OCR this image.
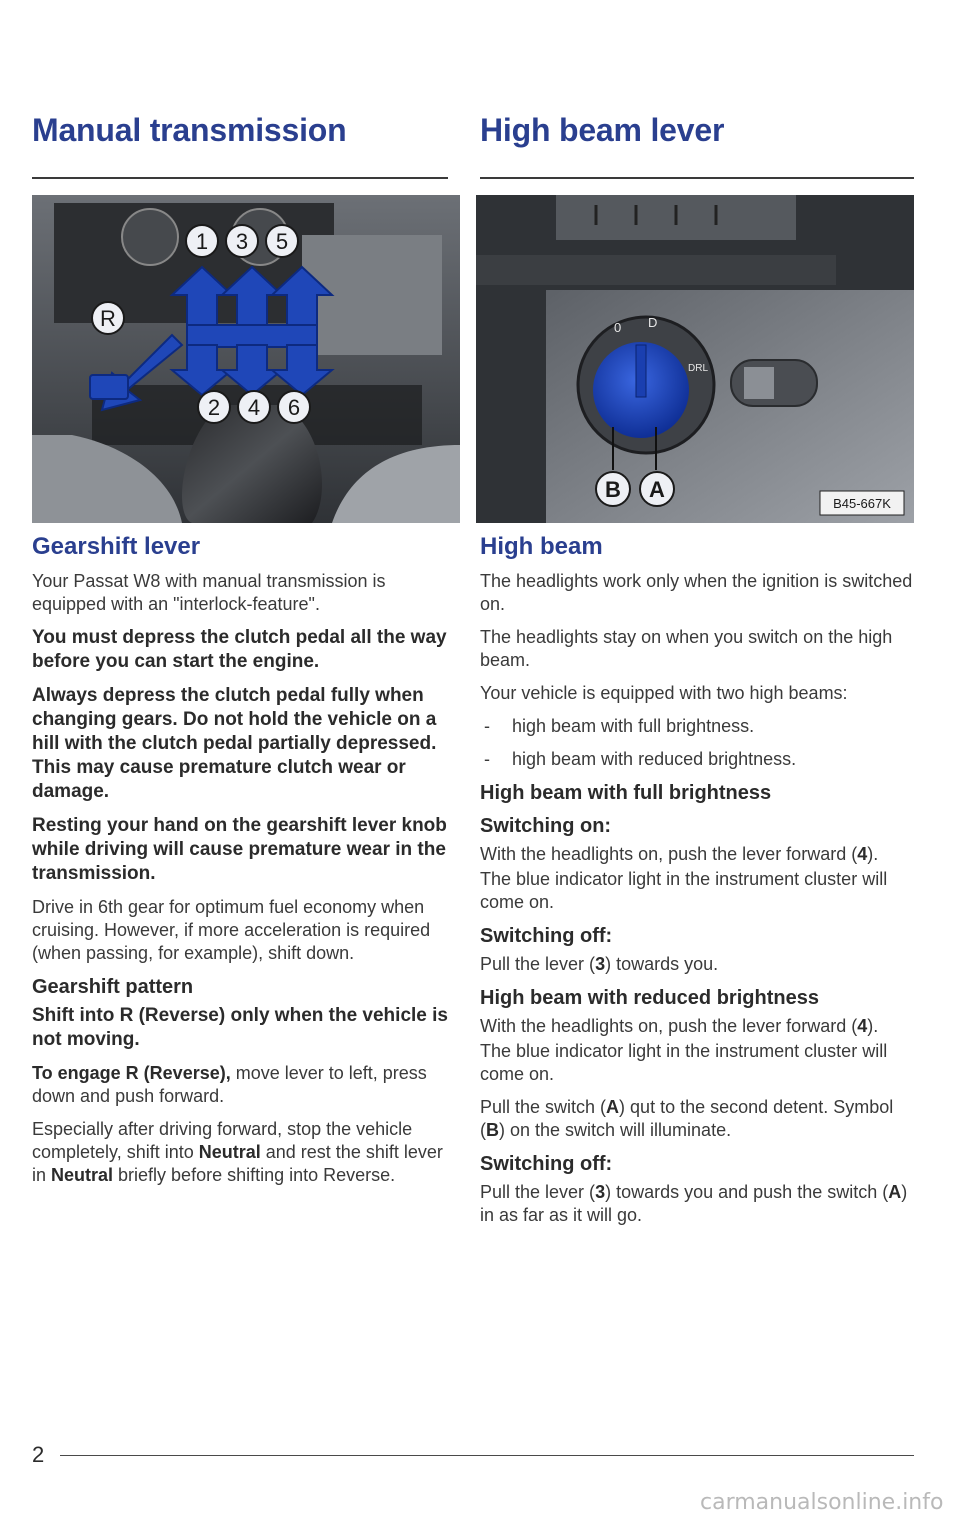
Manual transmission
1 3 5
R
2 4 6
Gearshift lever

Your Passat W8 with manual transmission is equipped with an "interlock-feature".

You must depress the clutch pedal all the way before you can start the engine.

Always depress the clutch pedal fully when changing gears. Do not hold the vehicle on a hill with the clutch pedal partially depressed. This may cause premature clutch wear or damage.

Resting your hand on the gearshift lever knob while driving will cause premature wear in the transmission.

Drive in 6th gear for optimum fuel economy when cruising. However, if more acceleration is required (when passing, for example), shift down.

Gearshift pattern

Shift into R (Reverse) only when the vehicle is not moving.

To engage R (Reverse), move lever to left, press down and push forward.

Especially after driving forward, stop the vehicle completely, shift into Neutral and rest the shift lever in Neutral briefly before shifting into Reverse.

High beam lever
0 D
DRL
B A
B45-667K
High beam

The headlights work only when the ignition is switched on.

The headlights stay on when you switch on the high beam.

Your vehicle is equipped with two high beams:

-	high beam with full brightness.
-	high beam with reduced brightness.
High beam with full brightness
Switching on:

With the headlights on, push the lever forward (4).

The blue indicator light in the instrument cluster will come on.

Switching off:

Pull the lever (3) towards you.

High beam with reduced brightness

With the headlights on, push the lever forward (4).

The blue indicator light in the instrument cluster will come on.

Pull the switch (A) qut to the second detent. Symbol (B) on the switch will illuminate.

Switching off:

Pull the lever (3) towards you and push the switch (A) in as far as it will go.

2
carmanualsonline.info
